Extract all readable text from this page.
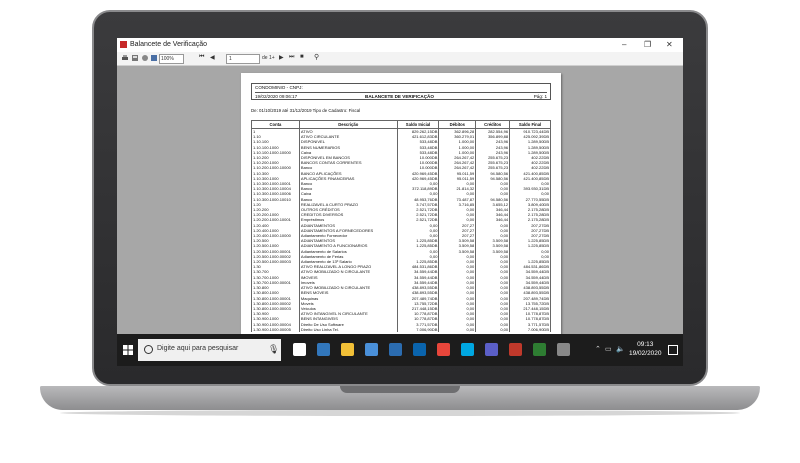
Balancete de Verificação	– ❐ ✕
100%	⏮ ◀	1	de 1+ ▶ ⏭ ■ ⚲
CONDOMINIO - CNPJ:
19/02/2020 09:06:17	BALANCETE DE VERIFICAÇÃO	Pág: 1
De: 01/10/2019 até 31/12/2019 Tipo de Cadastro: Fiscal
Conta	Descrição	Saldo Inicial	Débitos	Créditos	Saldo Final
1	ATIVO	829.262,15DB	362.896,28	282.554,96	910.723,44DB
1.10	ATIVO CIRCULANTE	421.612,83DB	360.279,01	356.899,88	425.092,39DB
1.10.100	DISPONIVEL	533,48DB	1.000,00	243,96	1.289,50DB
1.10.100.1000	BENS NUMERARIOS	533,48DB	1.000,00	243,96	1.289,50DB
1.10.100.1000.10000	Caixa	533,48DB	1.000,00	243,96	1.289,50DB
1.10.200	DISPONIVEL EM BANCOS	10.000DB	264.267,42	255.675,23	402.22DB
1.10.200.1000	BANCOS CONTAS CORRENTES	10.000DB	264.267,42	255.675,23	402.22DB
1.10.200.1000.10000	Banco	10.000DB	264.267,42	255.675,23	402.22DB
1.10.300	BANCO APLICAÇÕES	420.969,45DB	95.011,59	94.580,56	421.400,85DB
1.10.300.1000	APLICAÇÕES FINANCEIRAS	420.969,45DB	95.011,59	94.580,56	421.400,85DB
1.10.300.1000.10001	Banco	0,00	0,00	0,00	0,00
1.10.300.1000.10004	Banco	372.118,89DB	21.814,32	0,00	393.930,31DB
1.10.300.1000.10006	Caixa	0,00	0,00	0,00	0,00
1.10.300.1000.10010	Banco	48.953,76DB	73.487,87	94.580,56	27.770,55DB
1.20	REALIZAVEL A CURTO PRAZO	3.747,57DB	3.716,85	3.655,12	3.809,40DB
1.20.200	OUTROS CRÉDITOS	2.521,72DB	0,00	346,44	2.175,28DB
1.20.200.1000	CREDITOS DIVERSOS	2.521,72DB	0,00	346,44	2.175,28DB
1.20.200.1000.10001	Empréstimos	2.521,72DB	0,00	346,44	2.175,28DB
1.20.400	ADIANTAMENTOS	0,00	207,27	0,00	207,27DB
1.20.400.1000	ADIANTAMENTOS A FORNECEDORES	0,00	207,27	0,00	207,27DB
1.20.400.1000.10000	Adiantamento Fornecedor	0,00	207,27	0,00	207,27DB
1.20.500	ADIANTAMENTOS	1.225,85DB	3.509,58	3.509,58	1.225,85DB
1.20.500.1000	ADIANTAMENTO A FUNCIONARIOS	1.225,85DB	3.509,58	3.509,58	1.225,85DB
1.20.500.1000.00001	Adiantamento de Salarios	0,00	3.509,58	3.509,58	0,00
1.20.500.1000.00002	Adiantamento de Ferias	0,00	0,00	0,00	0,00
1.20.500.1000.00003	Adiantamento de 13º Salario	1.225,85DB	0,00	0,00	1.225,85DB
1.30	ATIVO REALIZAVEL A LONGO PRAZO	484.531,86DB	0,00	0,00	484.531,86DB
1.30.700	ATIVO IMOBILIZADO N CIRCULANTE	34.559,44DB	0,00	0,00	34.559,44DB
1.30.700.1000	IMOVEIS	34.559,44DB	0,00	0,00	34.559,44DB
1.30.700.1000.00001	Imoveis	34.559,44DB	0,00	0,00	34.559,44DB
1.30.800	ATIVO IMOBILIZADO N CIRCULANTE	438.893,55DB	0,00	0,00	438.893,55DB
1.30.800.1000	BENS MOVEIS	438.893,55DB	0,00	0,00	438.893,55DB
1.30.800.1000.00001	Maquinas	207.489,74DB	0,00	0,00	207.489,74DB
1.30.800.1000.00002	Moveis	13.755,72DB	0,00	0,00	13.755,72DB
1.30.800.1000.00003	Veiculos	217.448,15DB	0,00	0,00	217.448,15DB
1.30.900	ATIVO INTANGIVEL N CIRCULANTE	10.778,87DB	0,00	0,00	10.778,87DB
1.30.900.1000	BENS INTANGIVEIS	10.778,87DB	0,00	0,00	10.778,87DB
1.30.900.1000.00004	Direito De Uso Software	3.771,57DB	0,00	0,00	3.771,57DB
1.30.900.1000.00005	Direito Uso Linha Tel.	7.006,90DB	0,00	0,00	7.006,90DB
Digite aqui para pesquisar	🎙	⌃ ▭ 🔈
09:13
19/02/2020
